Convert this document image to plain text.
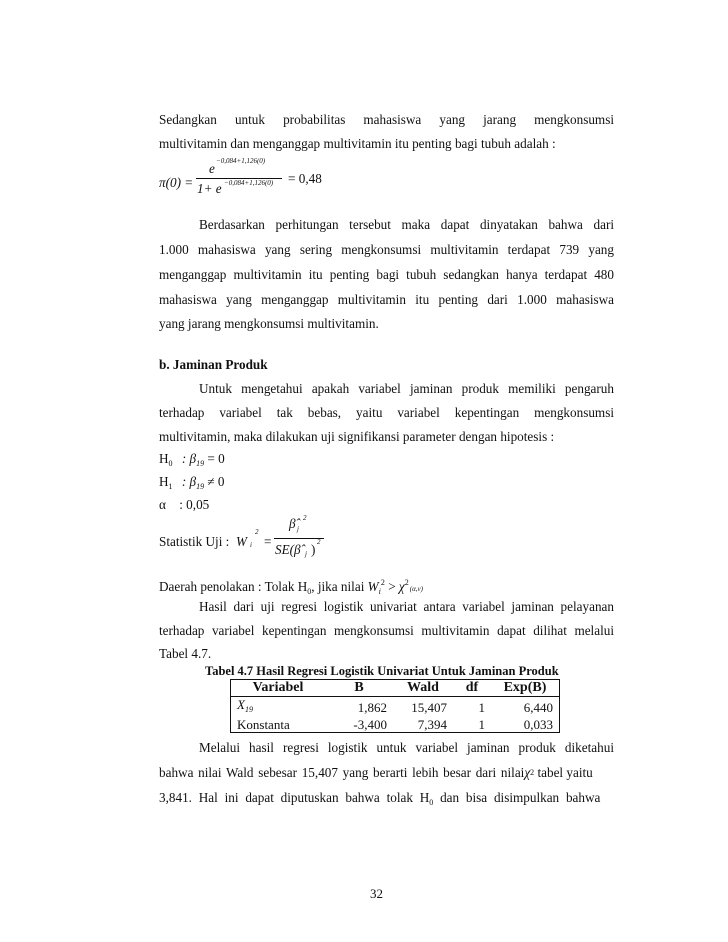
Sedangkan untuk probabilitas mahasiswa yang jarang mengkonsumsi
multivitamin dan menganggap multivitamin itu penting bagi tubuh adalah :
π(0) =
e −0,084+1,126(0)
1+ e −0,084+1,126(0) = 0,48
Berdasarkan perhitungan tersebut maka dapat dinyatakan bahwa dari
1.000 mahasiswa yang sering mengkonsumsi multivitamin terdapat 739 yang
menganggap multivitamin itu penting bagi tubuh sedangkan hanya terdapat 480
mahasiswa yang menganggap multivitamin itu penting dari 1.000 mahasiswa
yang jarang mengkonsumsi multivitamin.
b. Jaminan Produk
Untuk mengetahui apakah variabel jaminan produk memiliki pengaruh
terhadap variabel tak bebas, yaitu variabel kepentingan mengkonsumsi
multivitamin, maka dilakukan uji signifikansi parameter dengan hipotesis :
$H_0$ : $\beta_{19} = 0$
$H_1$ : $\beta_{19} \ne 0$
α : 0,05
Statistik Uji : W i
2
=
β̂ j
2
SE(β̂ j ) 2
Daerah penolakan : Tolak $H_0$, jika nilai $W_i^2 > \chi^2(\alpha,v)$
Hasil dari uji regresi logistik univariat antara variabel jaminan pelayanan
terhadap variabel kepentingan mengkonsumsi multivitamin dapat dilihat melalui
Tabel 4.7.
Tabel 4.7 Hasil Regresi Logistik Univariat Untuk Jaminan Produk
Variabel	B	Wald	df	Exp(B)
$X_{19}$	1,862	15,407	1	6,440
Konstanta	-3,400	7,394	1	0,033
Melalui hasil regresi logistik untuk variabel jaminan produk diketahui
bahwa nilai Wald sebesar 15,407 yang berarti lebih besar dari nilai χ 2 tabel yaitu
3,841. Hal ini dapat diputuskan bahwa tolak $H_0$ dan bisa disimpulkan bahwa
32
